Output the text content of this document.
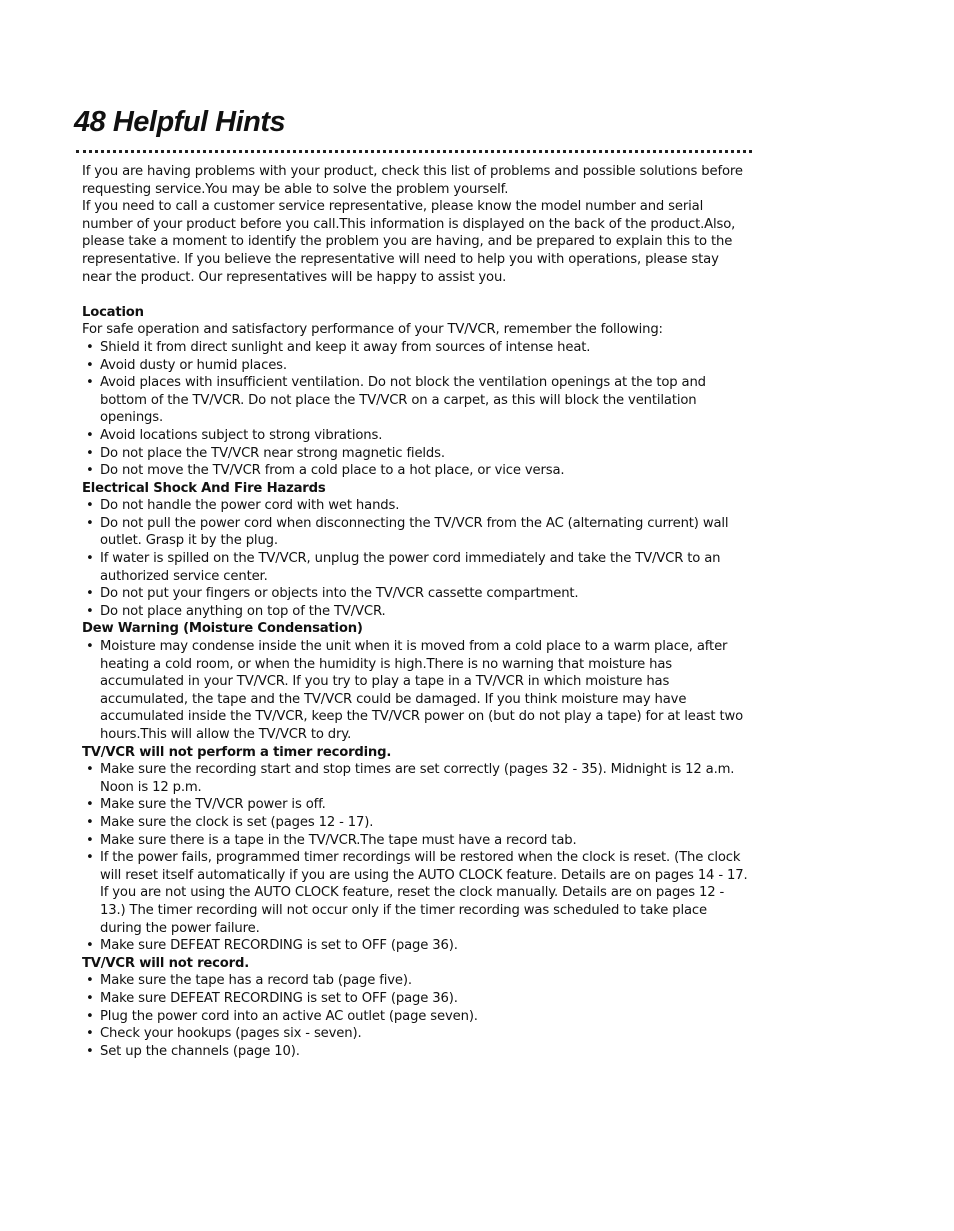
48 Helpful Hints

If you are having problems with your product, check this list of problems and possible solutions before requesting service.You may be able to solve the problem yourself.

If you need to call a customer service representative, please know the model number and serial number of your product before you call.This information is displayed on the back of the product.Also, please take a moment to identify the problem you are having, and be prepared to explain this to the representative. If you believe the representative will need to help you with operations, please stay near the product. Our representatives will be happy to assist you.

Location

For safe operation and satisfactory performance of your TV/VCR, remember the following:

• Shield it from direct sunlight and keep it away from sources of intense heat.
• Avoid dusty or humid places.
• Avoid places with insufficient ventilation. Do not block the ventilation openings at the top and bottom of the TV/VCR. Do not place the TV/VCR on a carpet, as this will block the ventilation openings.
• Avoid locations subject to strong vibrations.
• Do not place the TV/VCR near strong magnetic fields.
• Do not move the TV/VCR from a cold place to a hot place, or vice versa.
Electrical Shock And Fire Hazards
• Do not handle the power cord with wet hands.
• Do not pull the power cord when disconnecting the TV/VCR from the AC (alternating current) wall outlet. Grasp it by the plug.
• If water is spilled on the TV/VCR, unplug the power cord immediately and take the TV/VCR to an authorized service center.
• Do not put your fingers or objects into the TV/VCR cassette compartment.
• Do not place anything on top of the TV/VCR.
Dew Warning (Moisture Condensation)
• Moisture may condense inside the unit when it is moved from a cold place to a warm place, after heating a cold room, or when the humidity is high.There is no warning that moisture has accumulated in your TV/VCR. If you try to play a tape in a TV/VCR in which moisture has accumulated, the tape and the TV/VCR could be damaged. If you think moisture may have accumulated inside the TV/VCR, keep the TV/VCR power on (but do not play a tape) for at least two hours.This will allow the TV/VCR to dry.
TV/VCR will not perform a timer recording.
• Make sure the recording start and stop times are set correctly (pages 32 - 35). Midnight is 12 a.m. Noon is 12 p.m.
• Make sure the TV/VCR power is off.
• Make sure the clock is set (pages 12 - 17).
• Make sure there is a tape in the TV/VCR.The tape must have a record tab.
• If the power fails, programmed timer recordings will be restored when the clock is reset. (The clock will reset itself automatically if you are using the AUTO CLOCK feature. Details are on pages 14 - 17. If you are not using the AUTO CLOCK feature, reset the clock manually. Details are on pages 12 - 13.) The timer recording will not occur only if the timer recording was scheduled to take place during the power failure.
• Make sure DEFEAT RECORDING is set to OFF (page 36).
TV/VCR will not record.
• Make sure the tape has a record tab (page five).
• Make sure DEFEAT RECORDING is set to OFF (page 36).
• Plug the power cord into an active AC outlet (page seven).
• Check your hookups (pages six - seven).
• Set up the channels (page 10).
